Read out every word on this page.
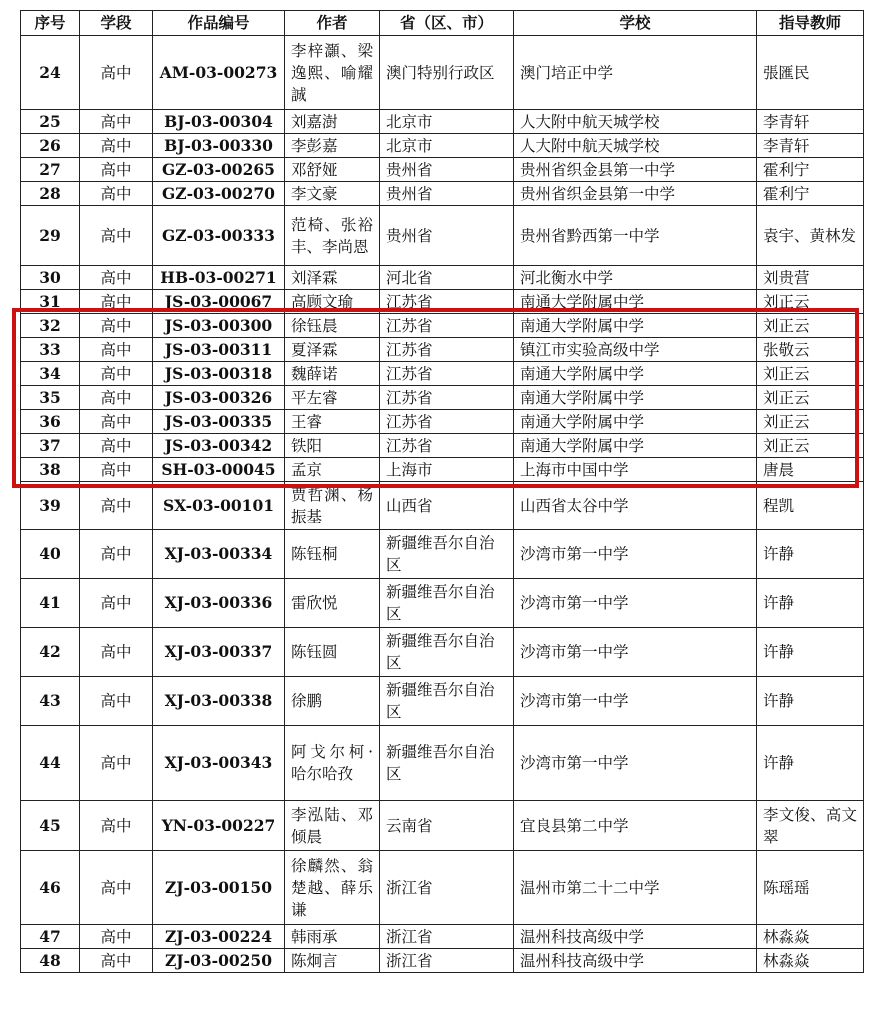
序号	学段	作品编号	作者	省（区、市）	学校	指导教师
24	高中	AM-03-00273	李梓灝、梁逸熙、喻耀誠	澳门特别行政区	澳门培正中学	張匯民
25	高中	BJ-03-00304	刘嘉澍	北京市	人大附中航天城学校	李青轩
26	高中	BJ-03-00330	李彭嘉	北京市	人大附中航天城学校	李青轩
27	高中	GZ-03-00265	邓舒娅	贵州省	贵州省织金县第一中学	霍利宁
28	高中	GZ-03-00270	李文豪	贵州省	贵州省织金县第一中学	霍利宁
29	高中	GZ-03-00333	范椅、张裕丰、李尚恩	贵州省	贵州省黔西第一中学	袁宇、黄林发
30	高中	HB-03-00271	刘泽霖	河北省	河北衡水中学	刘贵营
31	高中	JS-03-00067	高顾文瑜	江苏省	南通大学附属中学	刘正云
32	高中	JS-03-00300	徐钰晨	江苏省	南通大学附属中学	刘正云
33	高中	JS-03-00311	夏泽霖	江苏省	镇江市实验高级中学	张敬云
34	高中	JS-03-00318	魏薛诺	江苏省	南通大学附属中学	刘正云
35	高中	JS-03-00326	平左睿	江苏省	南通大学附属中学	刘正云
36	高中	JS-03-00335	王睿	江苏省	南通大学附属中学	刘正云
37	高中	JS-03-00342	铁阳	江苏省	南通大学附属中学	刘正云
38	高中	SH-03-00045	孟京	上海市	上海市中国中学	唐晨
39	高中	SX-03-00101	贾哲渊、杨振基	山西省	山西省太谷中学	程凯
40	高中	XJ-03-00334	陈钰桐	新疆维吾尔自治区	沙湾市第一中学	许静
41	高中	XJ-03-00336	雷欣悦	新疆维吾尔自治区	沙湾市第一中学	许静
42	高中	XJ-03-00337	陈钰圆	新疆维吾尔自治区	沙湾市第一中学	许静
43	高中	XJ-03-00338	徐鹏	新疆维吾尔自治区	沙湾市第一中学	许静
44	高中	XJ-03-00343	阿戈尔柯·哈尔哈孜	新疆维吾尔自治区	沙湾市第一中学	许静
45	高中	YN-03-00227	李泓陆、邓倾晨	云南省	宜良县第二中学	李文俊、高文翠
46	高中	ZJ-03-00150	徐麟然、翁楚越、薛乐谦	浙江省	温州市第二十二中学	陈瑶瑶
47	高中	ZJ-03-00224	韩雨承	浙江省	温州科技高级中学	林淼焱
48	高中	ZJ-03-00250	陈炯言	浙江省	温州科技高级中学	林淼焱
